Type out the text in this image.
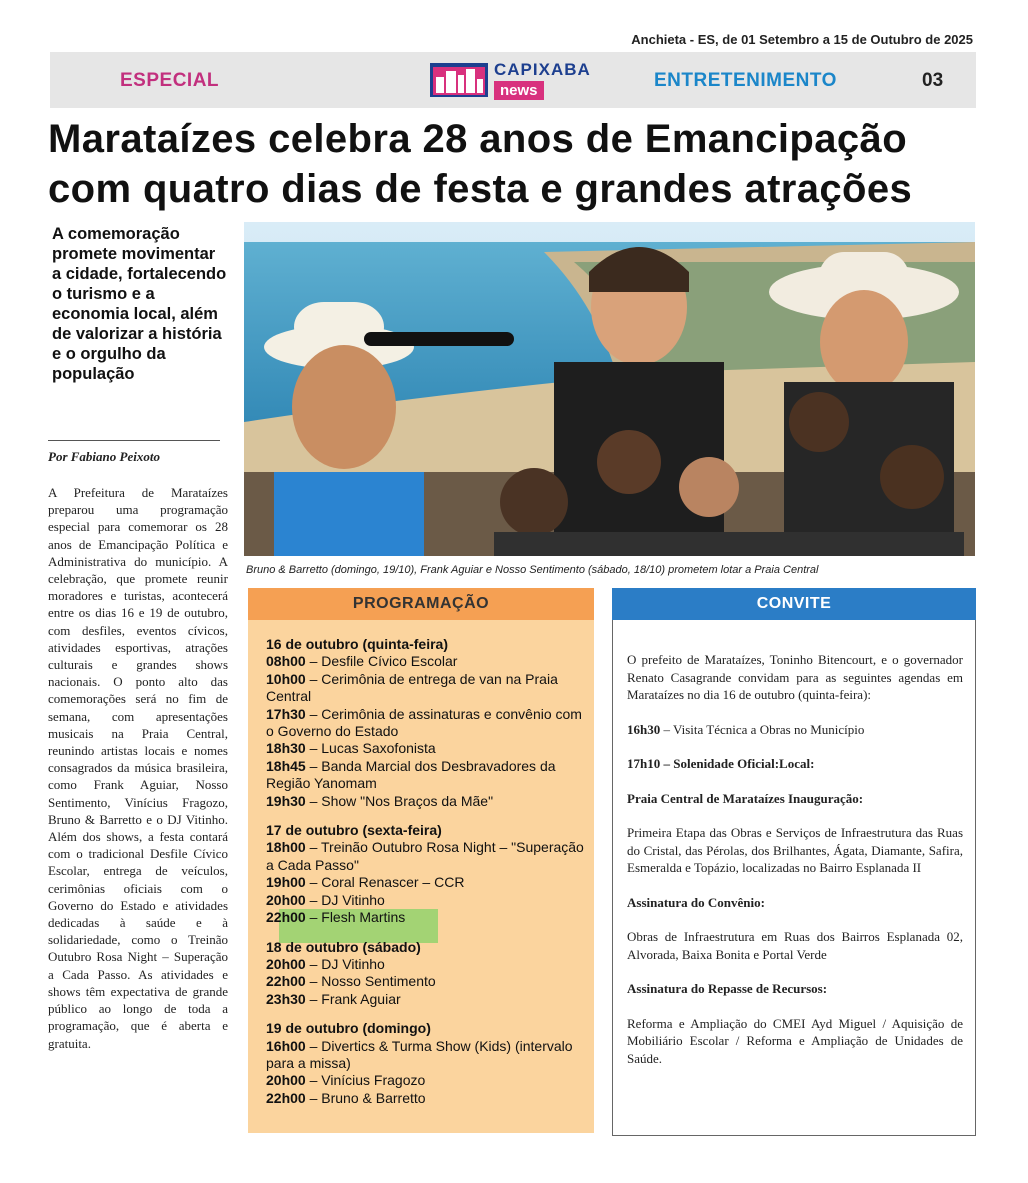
Anchieta - ES, de 01 Setembro a 15 de Outubro de 2025
ESPECIAL
CAPIXABA
news	ENTRETENIMENTO	03
Marataízes celebra 28 anos de Emancipação
com quatro dias de festa e grandes atrações
A comemoração promete movimentar a cidade, fortalecendo o turismo e a economia local, além de valorizar a história e o orgulho da população
Por Fabiano Peixoto

A Prefeitura de Marataízes preparou uma programação especial para comemorar os 28 anos de Emancipação Política e Administrativa do município. A celebração, que promete reunir moradores e turistas, acontecerá entre os dias 16 e 19 de outubro, com desfiles, eventos cívicos, atividades esportivas, atrações culturais e grandes shows nacionais. O ponto alto das comemorações será no fim de semana, com apresentações musicais na Praia Central, reunindo artistas locais e nomes consagrados da música brasileira, como Frank Aguiar, Nosso Sentimento, Vinícius Fragozo, Bruno & Barretto e o DJ Vitinho. Além dos shows, a festa contará com o tradicional Desfile Cívico Escolar, entrega de veículos, cerimônias oficiais com o Governo do Estado e atividades dedicadas à saúde e à solidariedade, como o Treinão Outubro Rosa Night – Superação a Cada Passo. As atividades e shows têm expectativa de grande público ao longo de toda a programação, que é aberta e gratuita.

Bruno & Barretto (domingo, 19/10), Frank Aguiar e Nosso Sentimento (sábado, 18/10) prometem lotar a Praia Central
PROGRAMAÇÃO
16 de outubro (quinta-feira)
08h00 – Desfile Cívico Escolar
10h00 – Cerimônia de entrega de van na Praia Central
17h30 – Cerimônia de assinaturas e convênio com o Governo do Estado
18h30 – Lucas Saxofonista
18h45 – Banda Marcial dos Desbravadores da Região Yanomam
19h30 – Show "Nos Braços da Mãe"
17 de outubro (sexta-feira)
18h00 – Treinão Outubro Rosa Night – "Superação a Cada Passo"
19h00 – Coral Renascer – CCR
20h00 – DJ Vitinho
22h00 – Flesh Martins
18 de outubro (sábado)
20h00 – DJ Vitinho
22h00 – Nosso Sentimento
23h30 – Frank Aguiar
19 de outubro (domingo)
16h00 – Divertics & Turma Show (Kids) (intervalo para a missa)
20h00 – Vinícius Fragozo
22h00 – Bruno & Barretto
CONVITE

O prefeito de Marataízes, Toninho Bitencourt, e o governador Renato Casagrande convidam para as seguintes agendas em Marataízes no dia 16 de outubro (quinta-feira):

16h30 – Visita Técnica a Obras no Município

17h10 – Solenidade Oficial:Local:

Praia Central de Marataízes Inauguração:

Primeira Etapa das Obras e Serviços de Infraestrutura das Ruas do Cristal, das Pérolas, dos Brilhantes, Ágata, Diamante, Safira, Esmeralda e Topázio, localizadas no Bairro Esplanada II

Assinatura do Convênio:

Obras de Infraestrutura em Ruas dos Bairros Esplanada 02, Alvorada, Baixa Bonita e Portal Verde

Assinatura do Repasse de Recursos:

Reforma e Ampliação do CMEI Ayd Miguel / Aquisição de Mobiliário Escolar / Reforma e Ampliação de Unidades de Saúde.
